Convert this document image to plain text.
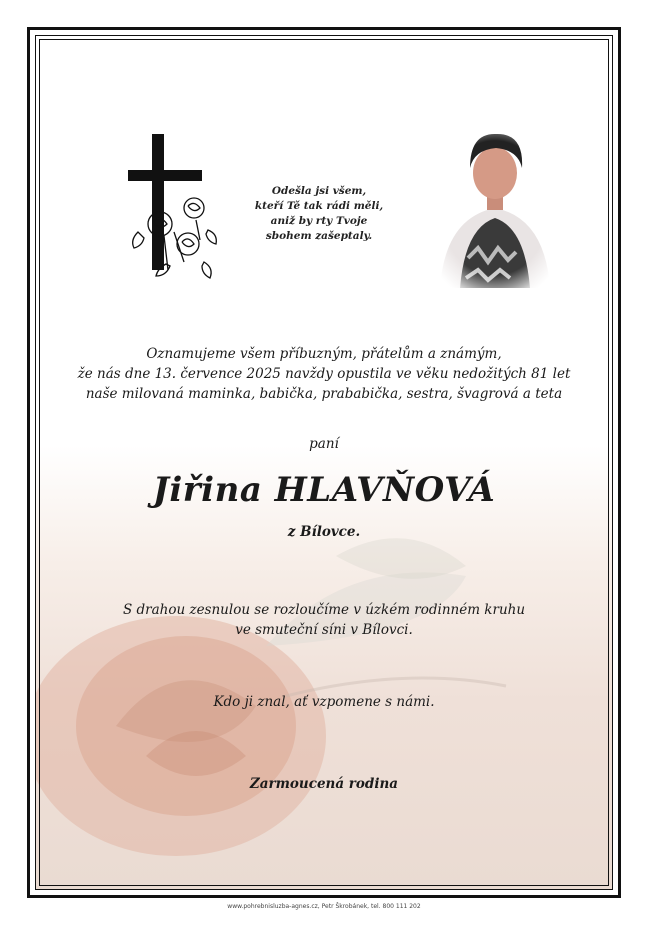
Odešla jsi všem,
kteří Tě tak rádi měli,
aniž by rty Tvoje
sbohem zašeptaly.
Oznamujeme všem příbuzným, přátelům a známým,
že nás dne 13. července 2025 navždy opustila ve věku nedožitých 81 let
naše milovaná maminka, babička, prababička, sestra, švagrová a teta
paní
Jiřina HLAVŇOVÁ
z Bílovce.
S drahou zesnulou se rozloučíme v úzkém rodinném kruhu
ve smuteční síni v Bílovci.
Kdo ji znal, ať vzpomene s námi.
Zarmoucená rodina
www.pohrebnisluzba-agnes.cz, Petr Škrobánek, tel. 800 111 202
